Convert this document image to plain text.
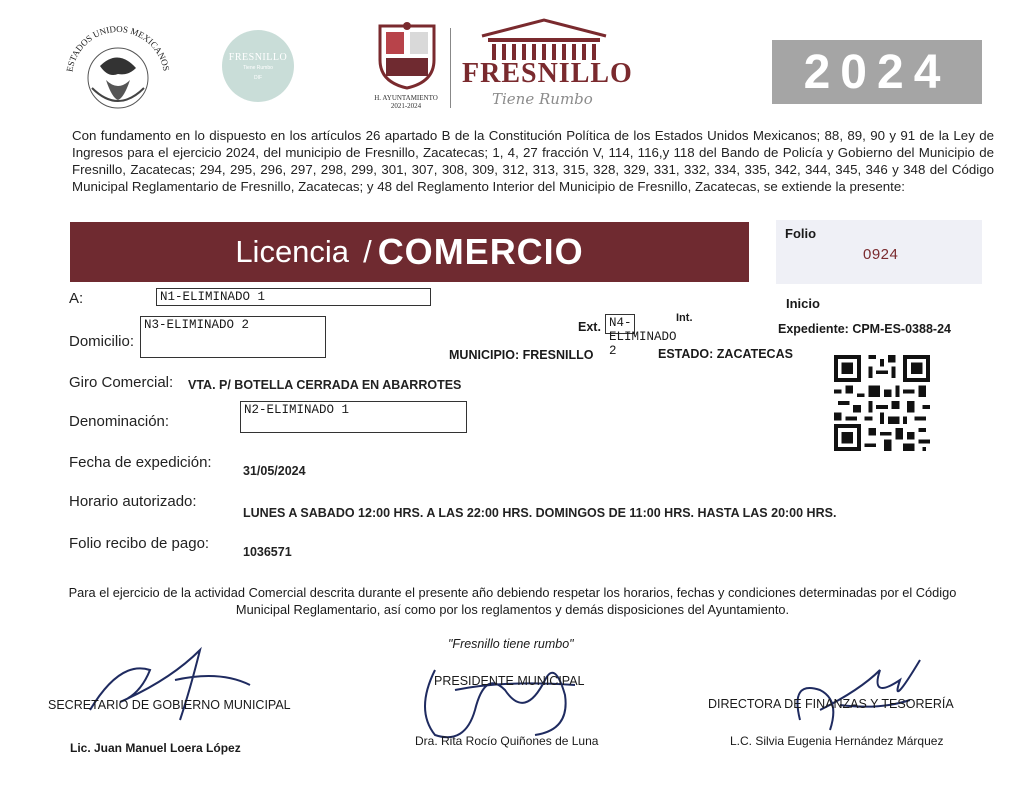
ESTADOS UNIDOS MEXICANOS
FRESNILLO
Tiene Rumbo
DIF
H. AYUNTAMIENTO
2021-2024
FRESNILLO
Tiene Rumbo
2024
Con fundamento en lo dispuesto en los artículos 26 apartado B de la Constitución Política de los Estados Unidos Mexicanos; 88, 89, 90 y 91 de la Ley de Ingresos para el ejercicio 2024, del municipio de Fresnillo, Zacatecas; 1, 4, 27 fracción V, 114, 116,y 118 del Bando de Policía y Gobierno del Municipio de Fresnillo, Zacatecas; 294, 295, 296, 297, 298, 299, 301, 307, 308, 309, 312, 313, 315, 328, 329, 331, 332, 334, 335, 342, 344, 345, 346 y 348 del Código Municipal Reglamentario de Fresnillo, Zacatecas; y 48 del Reglamento Interior del Municipio de Fresnillo, Zacatecas, se extiende la presente:
Licencia / COMERCIO	Folio
0924
Inicio
Expediente: CPM-ES-0388-24
A:	N1-ELIMINADO 1
Domicilio:
N3-ELIMINADO 2	Ext. N4-ELIMINADO 2
Int.
MUNICIPIO: FRESNILLO	ESTADO: ZACATECAS
Giro Comercial: VTA. P/ BOTELLA CERRADA EN ABARROTES
Denominación:
N2-ELIMINADO 1
Fecha de expedición:	31/05/2024
Horario autorizado:
LUNES A SABADO 12:00 HRS. A LAS 22:00 HRS. DOMINGOS DE 11:00 HRS. HASTA LAS 20:00 HRS.
Folio recibo de pago:	1036571
Para el ejercicio de la actividad Comercial descrita durante el presente año debiendo respetar los horarios, fechas y condiciones determinadas por el Código Municipal Reglamentario, así como por los reglamentos y demás disposiciones del Ayuntamiento.
"Fresnillo tiene rumbo"
SECRETARIO DE GOBIERNO MUNICIPAL
Lic. Juan Manuel Loera López
PRESIDENTE MUNICIPAL
Dra. Rita Rocío Quiñones de Luna
DIRECTORA DE FINANZAS Y TESORERÍA
L.C. Silvia Eugenia Hernández Márquez
